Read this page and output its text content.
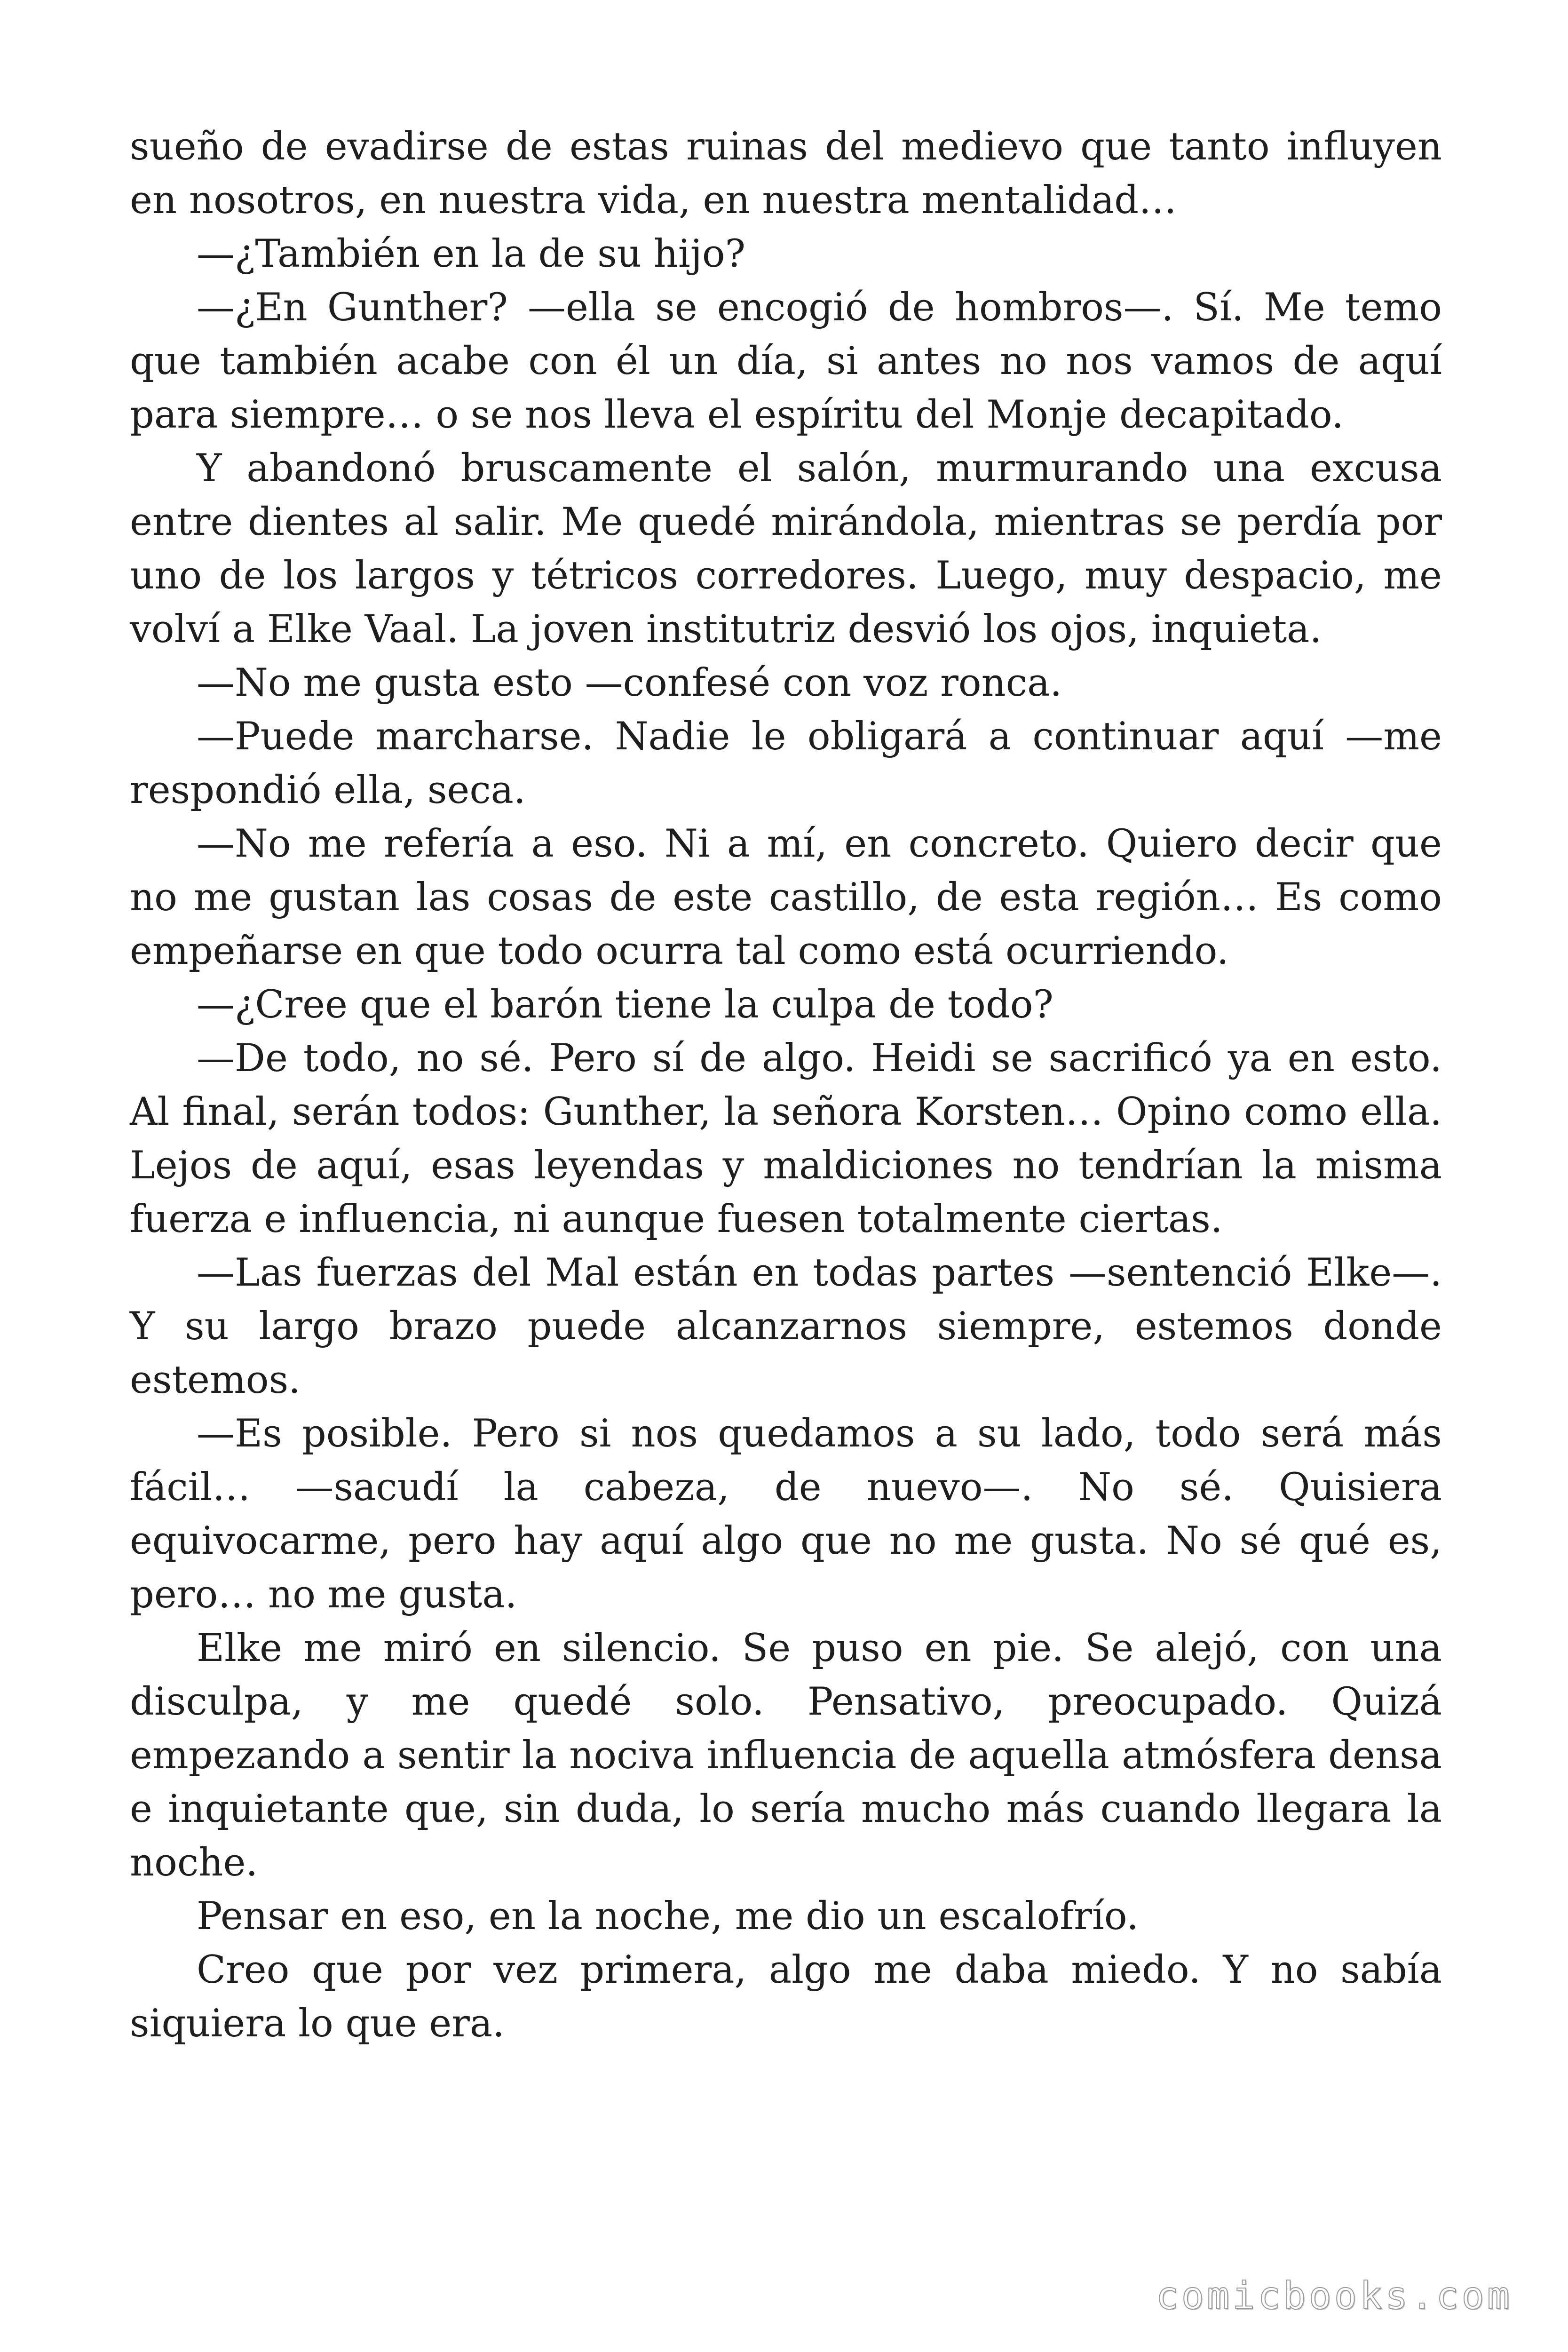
sueño de evadirse de estas ruinas del medievo que tanto influyen en nosotros, en nuestra vida, en nuestra mentalidad…

—¿También en la de su hijo?

—¿En Gunther? —ella se encogió de hombros—. Sí. Me temo que también acabe con él un día, si antes no nos vamos de aquí para siempre… o se nos lleva el espíritu del Monje decapitado.

Y abandonó bruscamente el salón, murmurando una excusa entre dientes al salir. Me quedé mirándola, mientras se perdía por uno de los largos y tétricos corredores. Luego, muy despacio, me volví a Elke Vaal. La joven institutriz desvió los ojos, inquieta.

—No me gusta esto —confesé con voz ronca.

—Puede marcharse. Nadie le obligará a continuar aquí —me respondió ella, seca.

—No me refería a eso. Ni a mí, en concreto. Quiero decir que no me gustan las cosas de este castillo, de esta región… Es como empeñarse en que todo ocurra tal como está ocurriendo.

—¿Cree que el barón tiene la culpa de todo?

—De todo, no sé. Pero sí de algo. Heidi se sacrificó ya en esto. Al final, serán todos: Gunther, la señora Korsten… Opino como ella. Lejos de aquí, esas leyendas y maldiciones no tendrían la misma fuerza e influencia, ni aunque fuesen totalmente ciertas.

—Las fuerzas del Mal están en todas partes —sentenció Elke—. Y su largo brazo puede alcanzarnos siempre, estemos donde estemos.

—Es posible. Pero si nos quedamos a su lado, todo será más fácil… —sacudí la cabeza, de nuevo—. No sé. Quisiera equivocarme, pero hay aquí algo que no me gusta. No sé qué es, pero… no me gusta.

Elke me miró en silencio. Se puso en pie. Se alejó, con una disculpa, y me quedé solo. Pensativo, preocupado. Quizá empezando a sentir la nociva influencia de aquella atmósfera densa e inquietante que, sin duda, lo sería mucho más cuando llegara la noche.

Pensar en eso, en la noche, me dio un escalofrío.

Creo que por vez primera, algo me daba miedo. Y no sabía siquiera lo que era.

comicbooks.com
